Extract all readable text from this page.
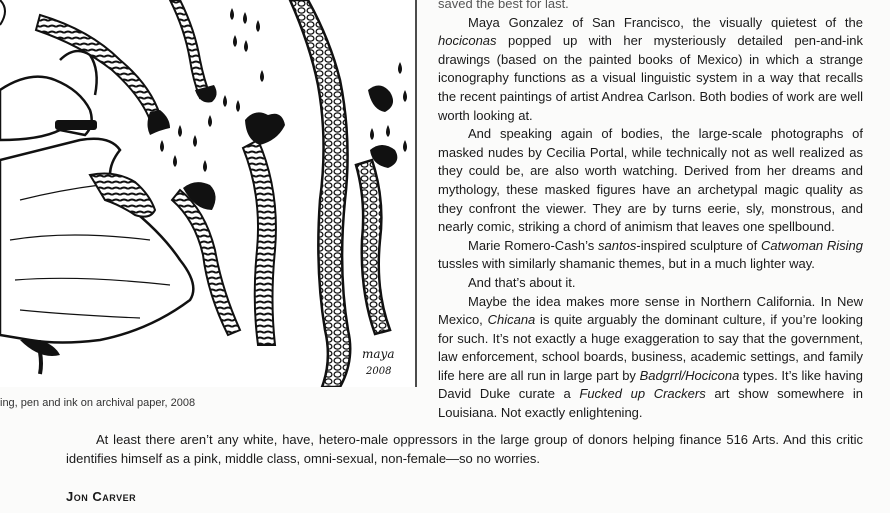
maya
2008
ing, pen and ink on archival paper, 2008

saved the best for last.

Maya Gonzalez of San Francisco, the visually quietest of the hociconas popped up with her mysteriously detailed pen-and-ink drawings (based on the painted books of Mexico) in which a strange iconography functions as a visual linguistic system in a way that recalls the recent paintings of artist Andrea Carlson. Both bodies of work are well worth looking at.

And speaking again of bodies, the large-scale photographs of masked nudes by Cecilia Portal, while technically not as well realized as they could be, are also worth watching. Derived from her dreams and mythology, these masked figures have an archetypal magic quality as they confront the viewer. They are by turns eerie, sly, monstrous, and nearly comic, striking a chord of animism that leaves one spellbound.

Marie Romero-Cash’s santos-inspired sculpture of Catwoman Rising tussles with similarly shamanic themes, but in a much lighter way.

And that’s about it.

Maybe the idea makes more sense in Northern California. In New Mexico, Chicana is quite arguably the dominant culture, if you’re looking for such. It’s not exactly a huge exaggeration to say that the government, law enforcement, school boards, business, academic settings, and family life here are all run in large part by Badgrrl/Hocicona types. It’s like having David Duke curate a Fucked up Crackers art show somewhere in Louisiana. Not exactly enlightening.

At least there aren’t any white, have, hetero-male oppressors in the large group of donors helping finance 516 Arts. And this critic identifies himself as a pink, middle class, omni-sexual, non-female—so no worries.

Jon Carver
